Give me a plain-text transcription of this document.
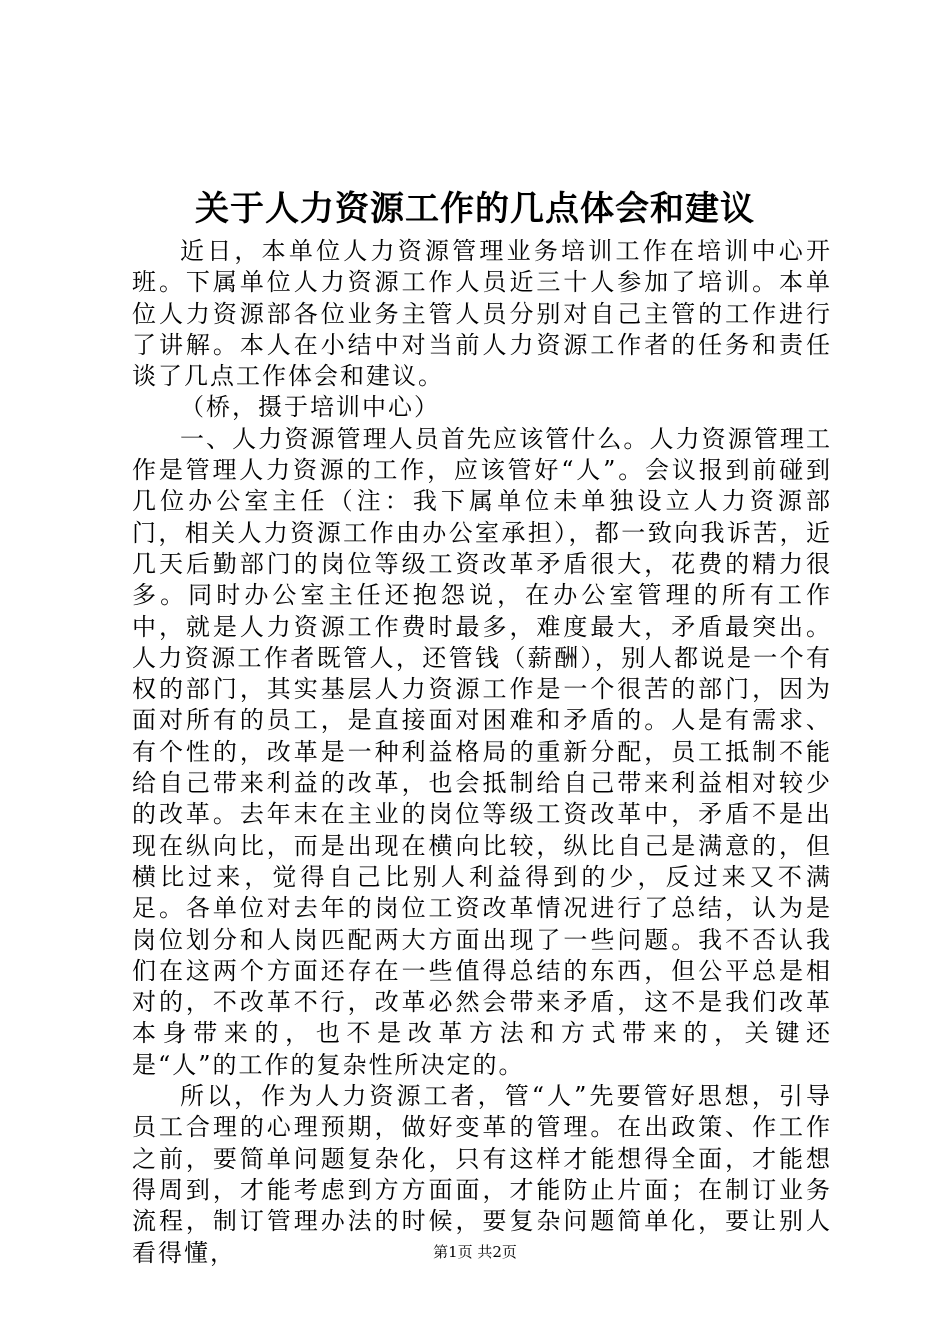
关于人力资源工作的几点体会和建议

近日，本单位人力资源管理业务培训工作在培训中心开班。下属单位人力资源工作人员近三十人参加了培训。本单位人力资源部各位业务主管人员分别对自己主管的工作进行了讲解。本人在小结中对当前人力资源工作者的任务和责任谈了几点工作体会和建议。

（桥，摄于培训中心）

一、人力资源管理人员首先应该管什么。人力资源管理工作是管理人力资源的工作，应该管好“人”。会议报到前碰到几位办公室主任（注：我下属单位未单独设立人力资源部门，相关人力资源工作由办公室承担），都一致向我诉苦，近几天后勤部门的岗位等级工资改革矛盾很大，花费的精力很多。同时办公室主任还抱怨说，在办公室管理的所有工作中，就是人力资源工作费时最多，难度最大，矛盾最突出。人力资源工作者既管人，还管钱（薪酬），别人都说是一个有权的部门，其实基层人力资源工作是一个很苦的部门，因为面对所有的员工，是直接面对困难和矛盾的。人是有需求、有个性的，改革是一种利益格局的重新分配，员工抵制不能给自己带来利益的改革，也会抵制给自己带来利益相对较少的改革。去年末在主业的岗位等级工资改革中，矛盾不是出现在纵向比，而是出现在横向比较，纵比自己是满意的，但横比过来，觉得自己比别人利益得到的少，反过来又不满足。各单位对去年的岗位工资改革情况进行了总结，认为是岗位划分和人岗匹配两大方面出现了一些问题。我不否认我们在这两个方面还存在一些值得总结的东西，但公平总是相对的，不改革不行，改革必然会带来矛盾，这不是我们改革本身带来的，也不是改革方法和方式带来的，关键还是“人”的工作的复杂性所决定的。

所以，作为人力资源工者，管“人”先要管好思想，引导员工合理的心理预期，做好变革的管理。在出政策、作工作之前，要简单问题复杂化，只有这样才能想得全面，才能想得周到，才能考虑到方方面面，才能防止片面；在制订业务流程，制订管理办法的时候，要复杂问题简单化，要让别人看得懂，	第1页 共2页
